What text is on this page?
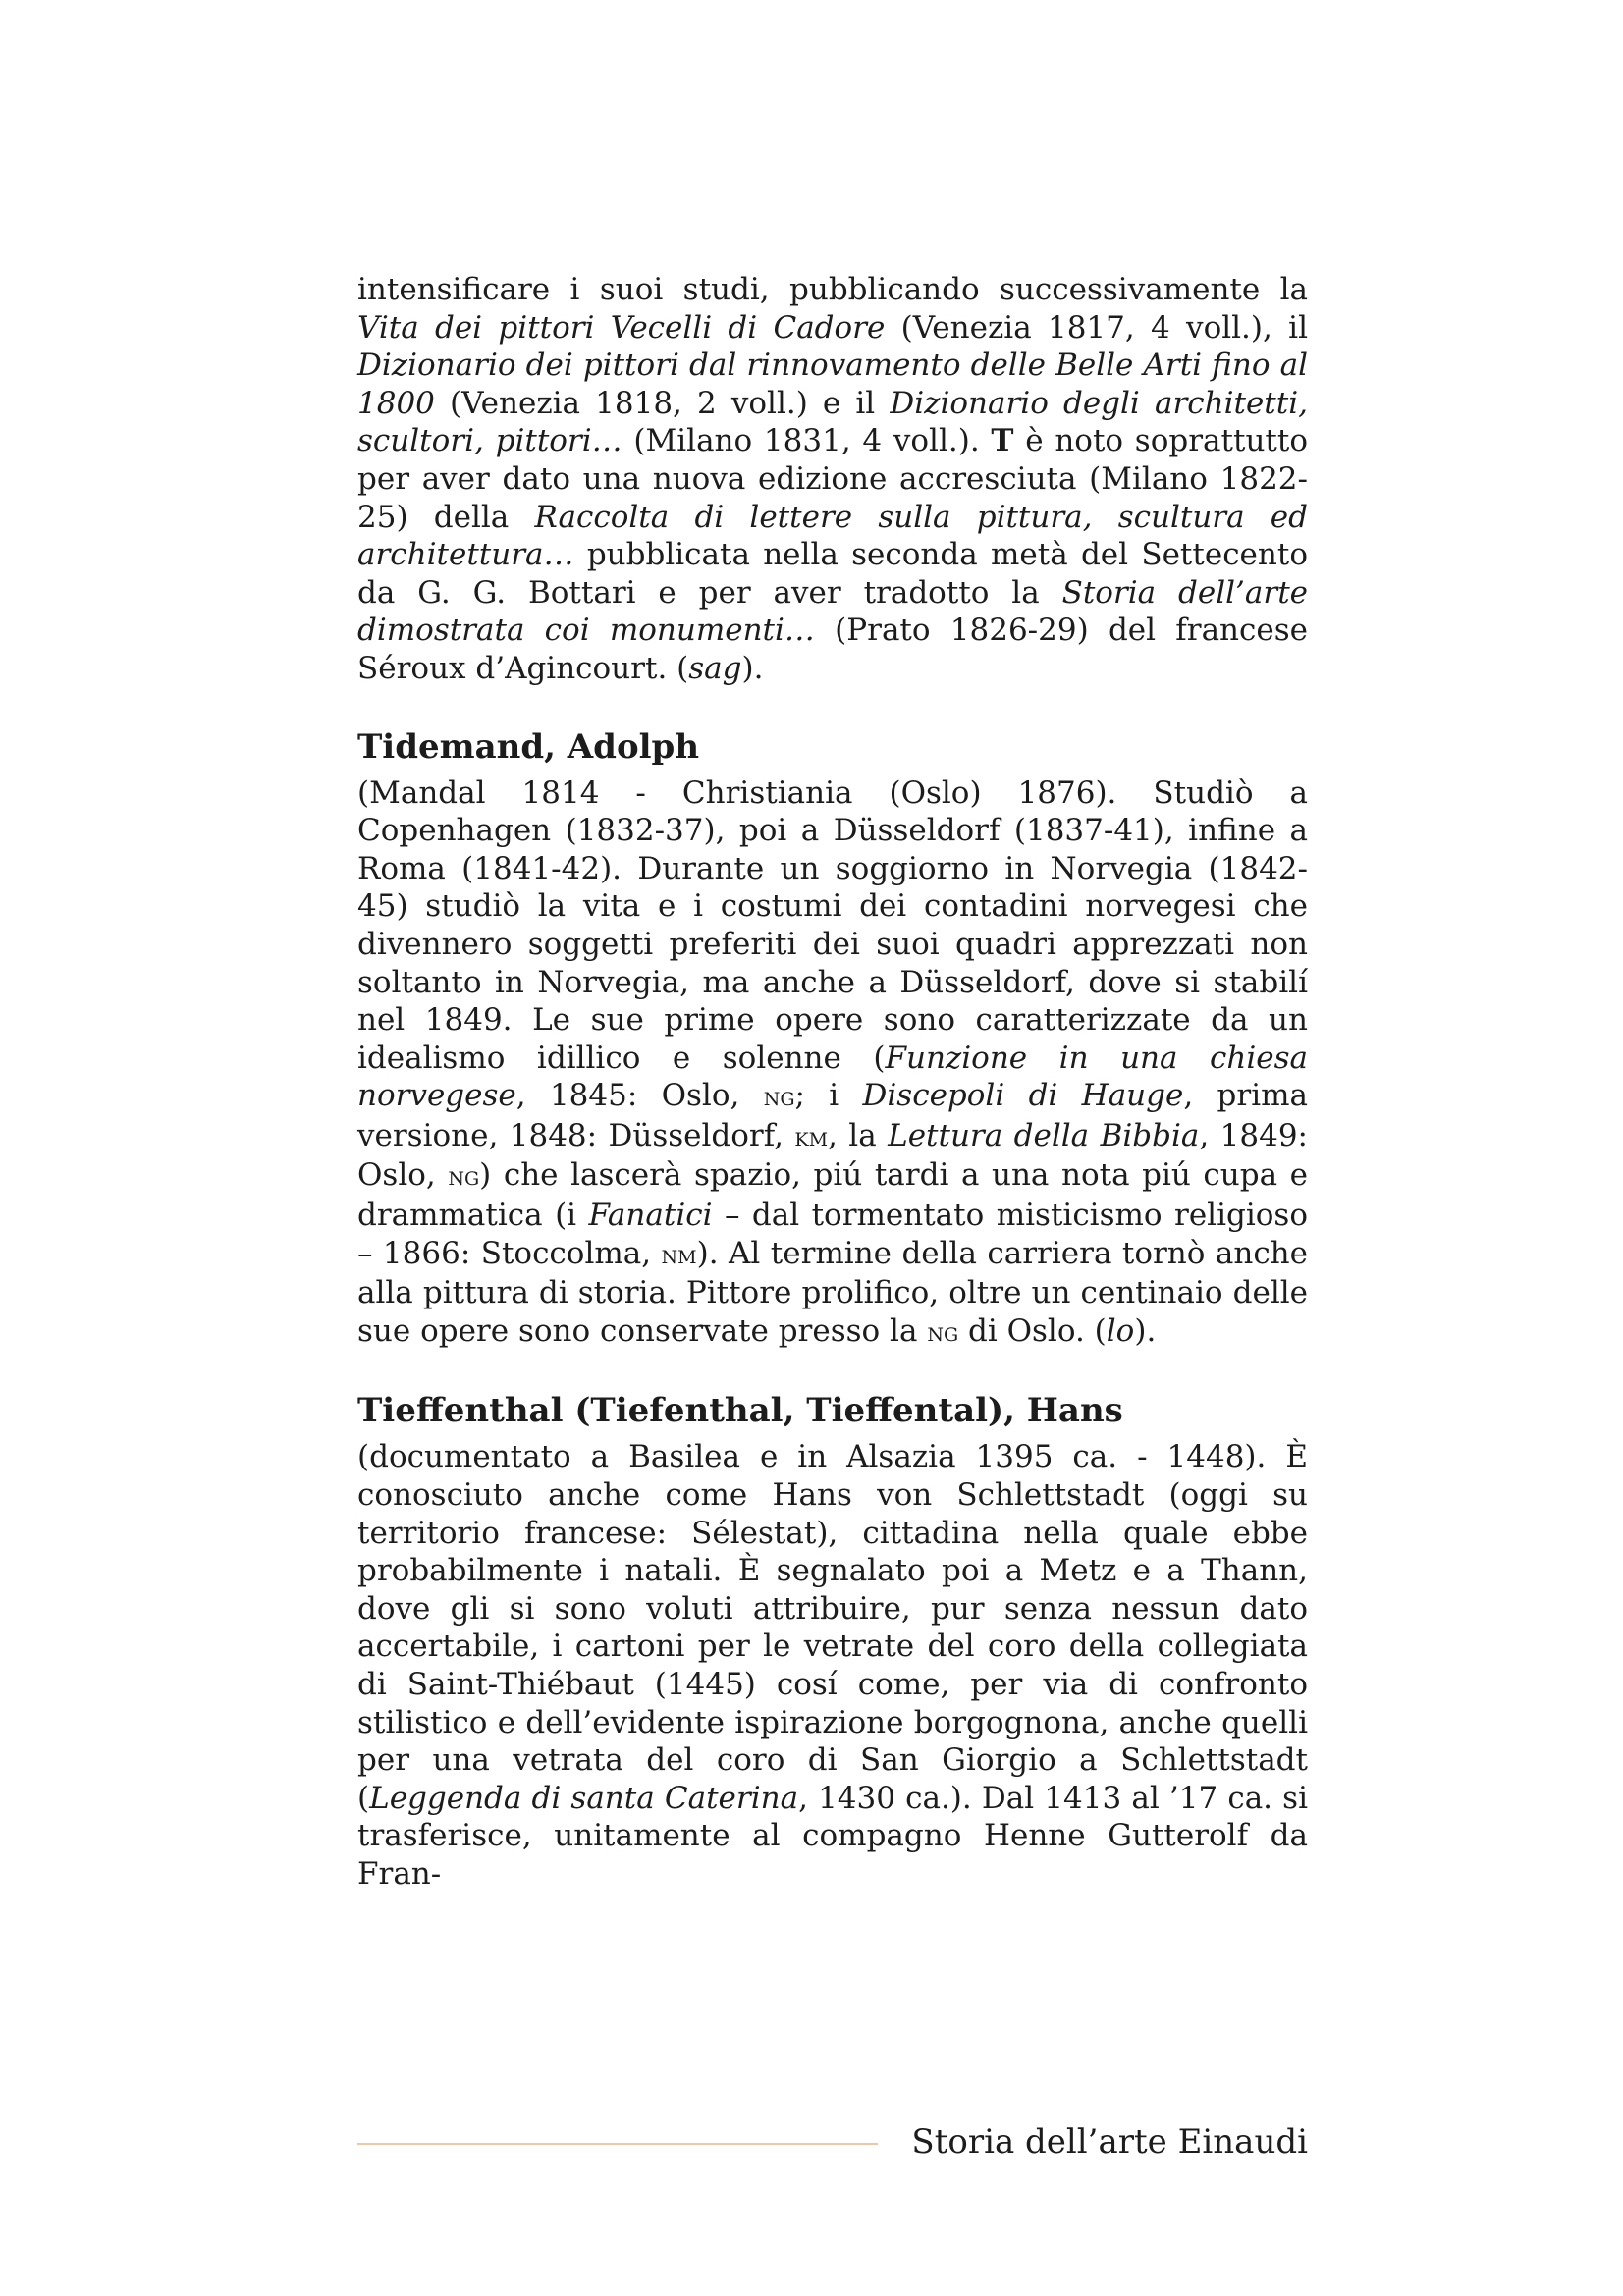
intensificare i suoi studi, pubblicando successivamente la Vita dei pittori Vecelli di Cadore (Venezia 1817, 4 voll.), il Dizionario dei pittori dal rinnovamento delle Belle Arti fino al 1800 (Venezia 1818, 2 voll.) e il Dizionario degli architetti, scultori, pittori… (Milano 1831, 4 voll.). T è noto soprattutto per aver dato una nuova edizione accresciuta (Milano 1822-25) della Raccolta di lettere sulla pittura, scultura ed architettura… pubblicata nella seconda metà del Settecento da G. G. Bottari e per aver tradotto la Storia dell’arte dimostrata coi monumenti… (Prato 1826-29) del francese Séroux d’Agincourt. (sag).

Tidemand, Adolph

(Mandal 1814 - Christiania (Oslo) 1876). Studiò a Copenhagen (1832-37), poi a Düsseldorf (1837-41), infine a Roma (1841-42). Durante un soggiorno in Norvegia (1842-45) studiò la vita e i costumi dei contadini norvegesi che divennero soggetti preferiti dei suoi quadri apprezzati non soltanto in Norvegia, ma anche a Düsseldorf, dove si stabilí nel 1849. Le sue prime opere sono caratterizzate da un idealismo idillico e solenne (Funzione in una chiesa norvegese, 1845: Oslo, ng; i Discepoli di Hauge, prima versione, 1848: Düsseldorf, km, la Lettura della Bibbia, 1849: Oslo, ng) che lascerà spazio, piú tardi a una nota piú cupa e drammatica (i Fanatici – dal tormentato misticismo religioso – 1866: Stoccolma, nm). Al termine della carriera tornò anche alla pittura di storia. Pittore prolifico, oltre un centinaio delle sue opere sono conservate presso la ng di Oslo. (lo).

Tieffenthal (Tiefenthal, Tieffental), Hans

(documentato a Basilea e in Alsazia 1395 ca. - 1448). È conosciuto anche come Hans von Schlettstadt (oggi su territorio francese: Sélestat), cittadina nella quale ebbe probabilmente i natali. È segnalato poi a Metz e a Thann, dove gli si sono voluti attribuire, pur senza nessun dato accertabile, i cartoni per le vetrate del coro della collegiata di Saint-Thiébaut (1445) cosí come, per via di confronto stilistico e dell’evidente ispirazione borgognona, anche quelli per una vetrata del coro di San Giorgio a Schlettstadt (Leggenda di santa Caterina, 1430 ca.). Dal 1413 al ’17 ca. si trasferisce, unitamente al compagno Henne Gutterolf da Fran-

Storia dell’arte Einaudi
